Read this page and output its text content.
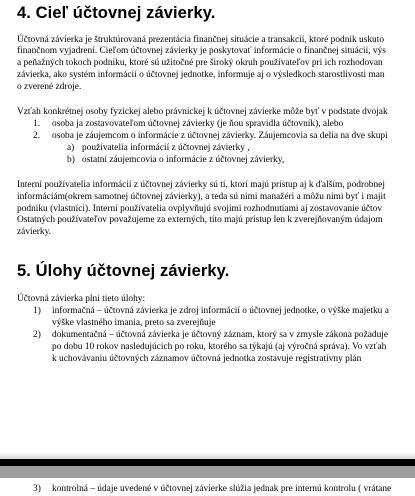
4. Cieľ účtovnej závierky.
Účtovná závierka je štruktúrovaná prezentácia finančnej situácie a transakcií, ktoré podnik uskuto
finančnom vyjadrení. Cieľom účtovnej závierky je poskytovať informácie o finančnej situácii, výs
a peňažných tokoch podniku, ktoré sú užitočné pre široký okruh používateľov pri ich rozhodovan
závierka, ako systém informácií o účtovnej jednotke, informuje aj o výsledkoch starostlivosti man
o zverené zdroje.
Vzťah konkrétnej osoby fyzickej alebo právnickej k účtovnej závierke môže byť v podstate dvojak
1. osoba ja zostavovateľom účtovnej závierky (je ňou spravidla účtovník), alebo
2. osoba je záujemcom o informácie z účtovnej závierky. Záujemcovia sa delia na dve skupi
a) používatelia informácií z účtovnej závierky ,
b) ostatní záujemcovia o informácie z účtovnej závierky,
Interní používatelia informácií z účtovnej závierky sú tí, ktorí majú prístup aj k ďalším, podrobnej
informáciám(okrem samotnej účtovnej závierky), a teda sú nimi manažéri a môžu nimi byť i majit
podniku (vlastníci). Interní používatelia ovplyvňujú svojimi rozhodnutiami aj zostavovanie účtov
Ostatných používateľov považujeme za externých, títo majú prístup len k zverejňovaným údajom
závierky.
5. Úlohy účtovnej závierky.
Účtovná závierka plní tieto úlohy:
1) informačná – účtovná závierka je zdroj informácií o účtovnej jednotke, o výške majetku a
výške vlastného imania, preto sa zverejňuje
2) dokumentačná – účtovná závierka je účtovný záznam, ktorý sa v zmysle zákona požaduje
po dobu 10 rokov nasledujúcich po roku, ktorého sa týkajú (aj výročná správa). Vo vzťah
k uchovávaniu účtovných záznamov účtovná jednotka zostavuje registratívny plán
3) kontrolná – údaje uvedené v účtovnej závierke slúžia jednak pre internú kontrolu ( vrátane
